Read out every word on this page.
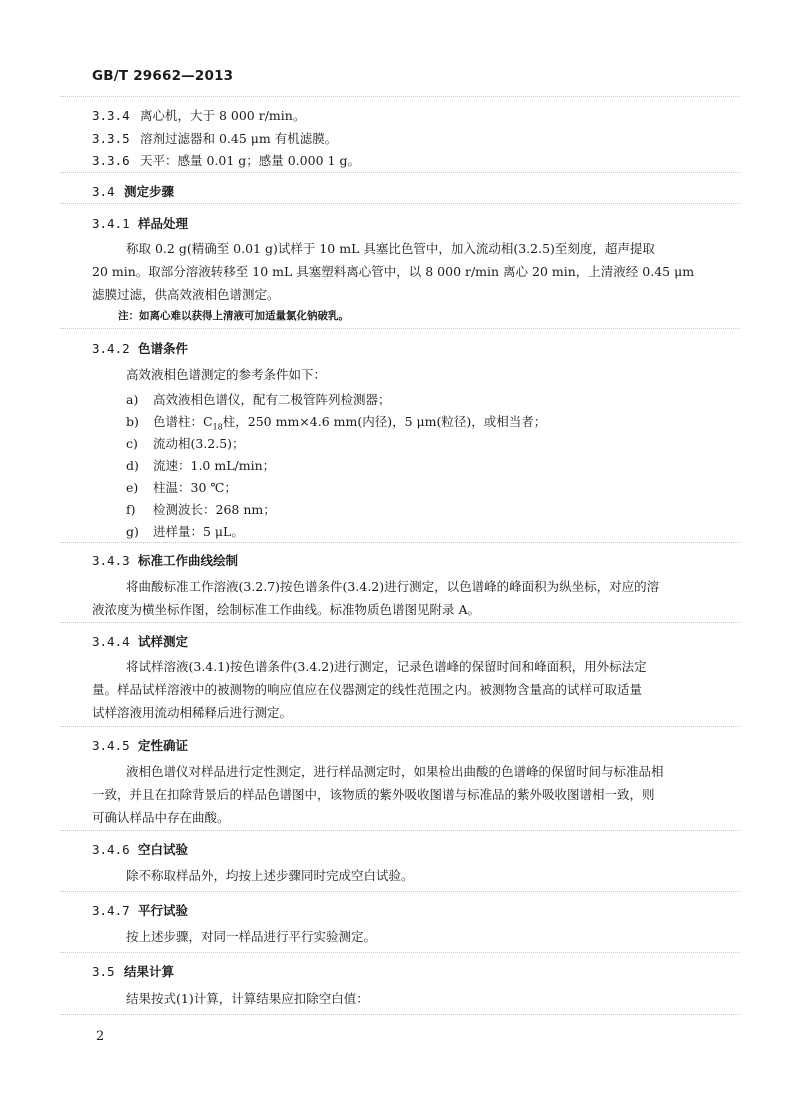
GB/T 29662—2013
3.3.4 离心机，大于 8 000 r/min。
3.3.5 溶剂过滤器和 0.45 μm 有机滤膜。
3.3.6 天平：感量 0.01 g；感量 0.000 1 g。
3.4 测定步骤
3.4.1 样品处理
称取 0.2 g(精确至 0.01 g)试样于 10 mL 具塞比色管中，加入流动相(3.2.5)至刻度，超声提取
20 min。取部分溶液转移至 10 mL 具塞塑料离心管中，以 8 000 r/min 离心 20 min，上清液经 0.45 μm
滤膜过滤，供高效液相色谱测定。
注：如离心难以获得上清液可加适量氯化钠破乳。
3.4.2 色谱条件
高效液相色谱测定的参考条件如下：
a) 高效液相色谱仪，配有二极管阵列检测器；
b) 色谱柱：$C_{18}$柱，250 mm×4.6 mm(内径)，5 μm(粒径)，或相当者；
c) 流动相(3.2.5)；
d) 流速：1.0 mL/min；
e) 柱温：30 ℃；
f) 检测波长：268 nm；
g) 进样量：5 μL。
3.4.3 标准工作曲线绘制
将曲酸标准工作溶液(3.2.7)按色谱条件(3.4.2)进行测定，以色谱峰的峰面积为纵坐标，对应的溶
液浓度为横坐标作图，绘制标准工作曲线。标准物质色谱图见附录 A。
3.4.4 试样测定
将试样溶液(3.4.1)按色谱条件(3.4.2)进行测定，记录色谱峰的保留时间和峰面积，用外标法定
量。样品试样溶液中的被测物的响应值应在仪器测定的线性范围之内。被测物含量高的试样可取适量
试样溶液用流动相稀释后进行测定。
3.4.5 定性确证
液相色谱仪对样品进行定性测定，进行样品测定时，如果检出曲酸的色谱峰的保留时间与标准品相
一致，并且在扣除背景后的样品色谱图中，该物质的紫外吸收图谱与标准品的紫外吸收图谱相一致，则
可确认样品中存在曲酸。
3.4.6 空白试验
除不称取样品外，均按上述步骤同时完成空白试验。
3.4.7 平行试验
按上述步骤，对同一样品进行平行实验测定。
3.5 结果计算
结果按式(1)计算，计算结果应扣除空白值：
2
